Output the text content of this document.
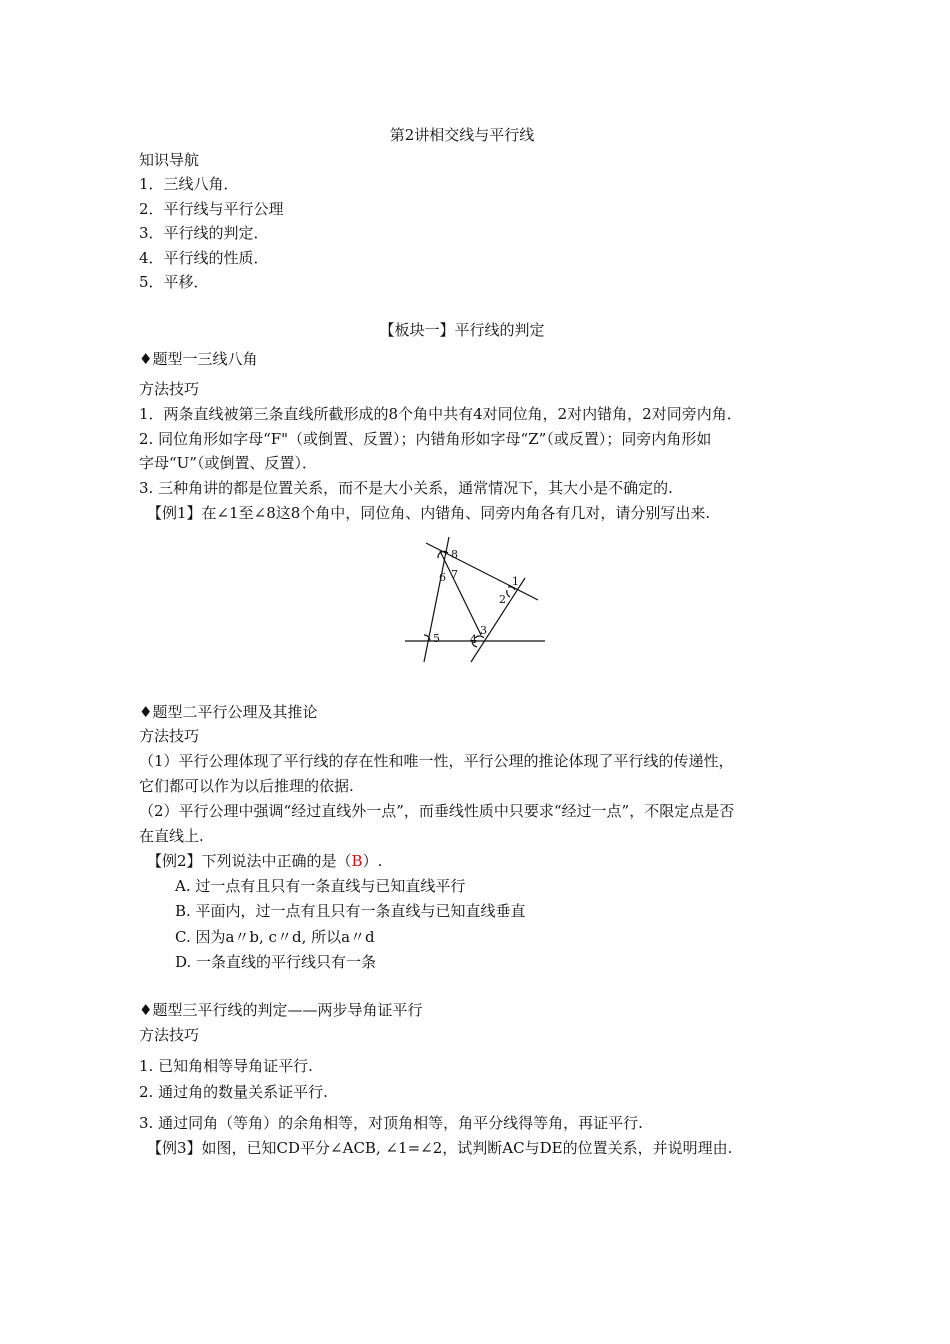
第2讲相交线与平行线
知识导航
1．三线八角．
2．平行线与平行公理
3．平行线的判定．
4．平行线的性质．
5．平移．
【板块一】平行线的判定
♦题型一三线八角
方法技巧
1．两条直线被第三条直线所截形成的8个角中共有4对同位角，2对内错角，2对同旁内角．
2. 同位角形如字母“F"（或倒置、反置）；内错角形如字母“Z”（或反置）；同旁内角形如
字母“U”（或倒置、反置）．
3. 三种角讲的都是位置关系，而不是大小关系，通常情况下，其大小是不确定的.
【例1】在∠1至∠8这8个角中，同位角、内错角、同旁内角各有几对，请分别写出来.
1
2
3
4
5
6 7
8
♦题型二平行公理及其推论
方法技巧
（1）平行公理体现了平行线的存在性和唯一性，平行公理的推论体现了平行线的传递性，
它们都可以作为以后推理的依据.
（2）平行公理中强调“经过直线外一点”，而垂线性质中只要求“经过一点”，不限定点是否
在直线上.
【例2】下列说法中正确的是（B）.
A. 过一点有且只有一条直线与已知直线平行
B. 平面内，过一点有且只有一条直线与已知直线垂直
C. 因为a〃b, c〃d, 所以a〃d
D. 一条直线的平行线只有一条
♦题型三平行线的判定——两步导角证平行
方法技巧
1. 已知角相等导角证平行.
2. 通过角的数量关系证平行.
3. 通过同角（等角）的余角相等，对顶角相等，角平分线得等角，再证平行.
【例3】如图，已知CD平分∠ACB, ∠1=∠2，试判断AC与DE的位置关系，并说明理由.
